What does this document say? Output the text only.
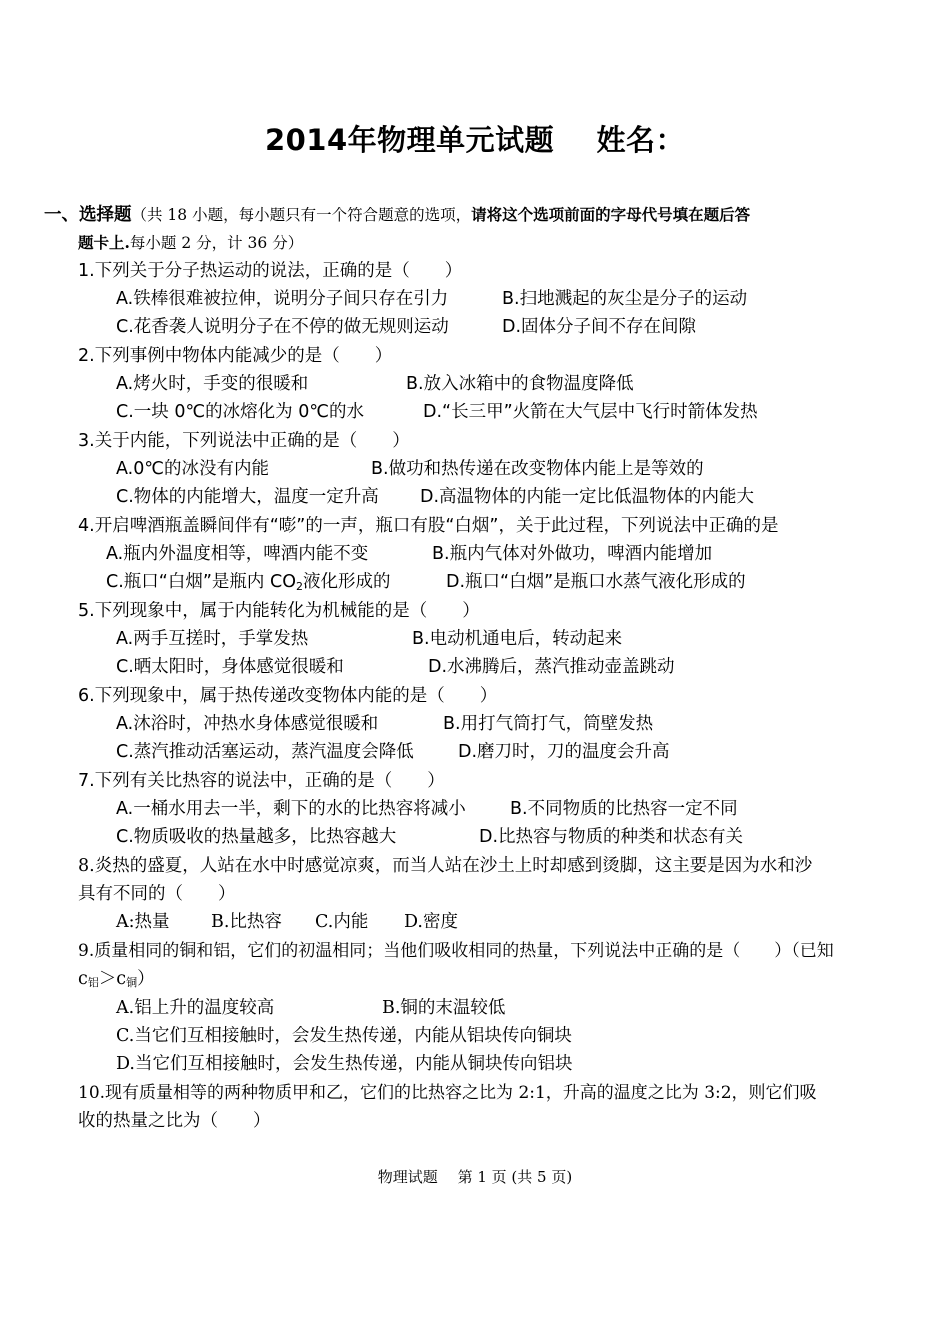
2014年物理单元试题 姓名：
一、选择题（共 18 小题，每小题只有一个符合题意的选项，请将这个选项前面的字母代号填在题后答
题卡上.每小题 2 分，计 36 分）
1.下列关于分子热运动的说法，正确的是（　　）
A.铁棒很难被拉伸，说明分子间只存在引力	B.扫地溅起的灰尘是分子的运动
C.花香袭人说明分子在不停的做无规则运动	D.固体分子间不存在间隙
2.下列事例中物体内能减少的是（　　）
A.烤火时，手变的很暖和	B.放入冰箱中的食物温度降低
C.一块 0℃的冰熔化为 0℃的水	D.“长三甲”火箭在大气层中飞行时箭体发热
3.关于内能，下列说法中正确的是（　　）
A.0℃的冰没有内能	B.做功和热传递在改变物体内能上是等效的
C.物体的内能增大，温度一定升高 D.高温物体的内能一定比低温物体的内能大
4.开启啤酒瓶盖瞬间伴有“嘭”的一声，瓶口有股“白烟”，关于此过程，下列说法中正确的是
A.瓶内外温度相等，啤酒内能不变	B.瓶内气体对外做功，啤酒内能增加
C.瓶口“白烟”是瓶内 $CO_2$液化形成的	D.瓶口“白烟”是瓶口水蒸气液化形成的
5.下列现象中，属于内能转化为机械能的是（　　）
A.两手互搓时，手掌发热	B.电动机通电后，转动起来
C.晒太阳时，身体感觉很暖和	D.水沸腾后，蒸汽推动壶盖跳动
6.下列现象中，属于热传递改变物体内能的是（　　）
A.沐浴时，冲热水身体感觉很暖和	B.用打气筒打气，筒壁发热
C.蒸汽推动活塞运动，蒸汽温度会降低	D.磨刀时，刀的温度会升高
7.下列有关比热容的说法中，正确的是（　　）
A.一桶水用去一半，剩下的水的比热容将减小	B.不同物质的比热容一定不同
C.物质吸收的热量越多，比热容越大	D.比热容与物质的种类和状态有关
8.炎热的盛夏，人站在水中时感觉凉爽，而当人站在沙土上时却感到烫脚，这主要是因为水和沙
具有不同的（　　）
A:热量 B.比热容 C.内能 D.密度
9.质量相同的铜和铝，它们的初温相同；当他们吸收相同的热量，下列说法中正确的是（　　）（已知
c铝＞c铜）
A.铝上升的温度较高	B.铜的末温较低
C.当它们互相接触时，会发生热传递，内能从铝块传向铜块
D.当它们互相接触时，会发生热传递，内能从铜块传向铝块
10.现有质量相等的两种物质甲和乙，它们的比热容之比为 2:1，升高的温度之比为 3:2，则它们吸
收的热量之比为（　　）
物理试题　 第 1 页 (共 5 页)
